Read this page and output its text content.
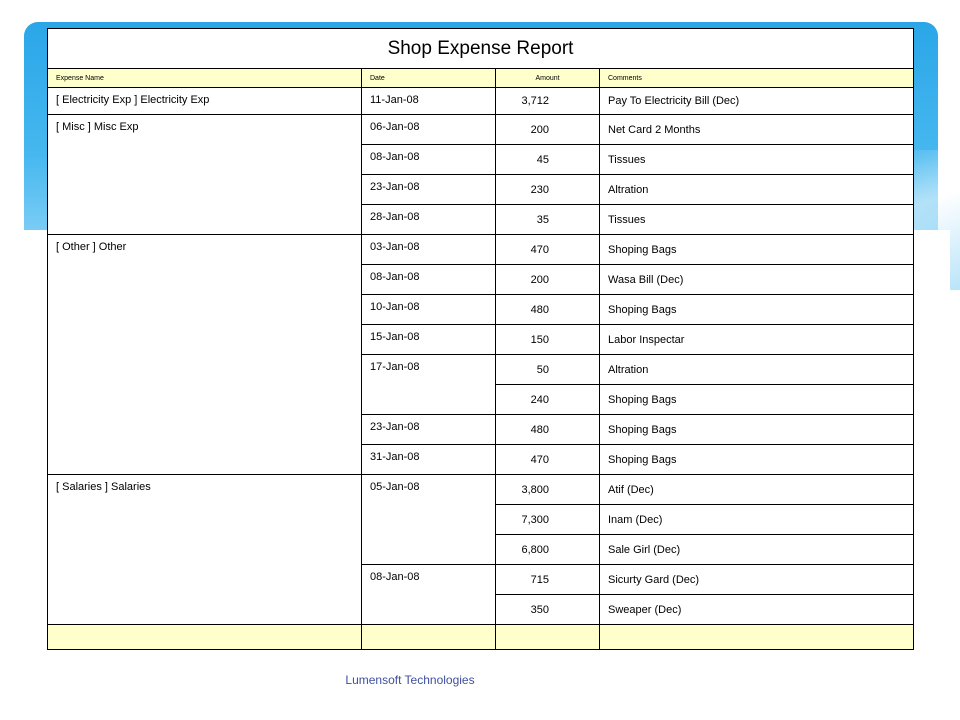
Shop Expense Report			
Expense Name	Date	Amount	Comments
[ Electricity Exp ] Electricity Exp	11-Jan-08	3,712	Pay To Electricity Bill (Dec)
[ Misc ] Misc Exp	06-Jan-08	200	Net Card 2 Months
	08-Jan-08	45	Tissues
	23-Jan-08	230	Altration
	28-Jan-08	35	Tissues
[ Other ] Other	03-Jan-08	470	Shoping Bags
	08-Jan-08	200	Wasa Bill (Dec)
	10-Jan-08	480	Shoping Bags
	15-Jan-08	150	Labor Inspectar
	17-Jan-08	50	Altration
		240	Shoping Bags
	23-Jan-08	480	Shoping Bags
	31-Jan-08	470	Shoping Bags
[ Salaries ] Salaries	05-Jan-08	3,800	Atif (Dec)
		7,300	Inam (Dec)
		6,800	Sale Girl (Dec)
	08-Jan-08	715	Sicurty Gard (Dec)
		350	Sweaper (Dec)

Lumensoft Technologies
